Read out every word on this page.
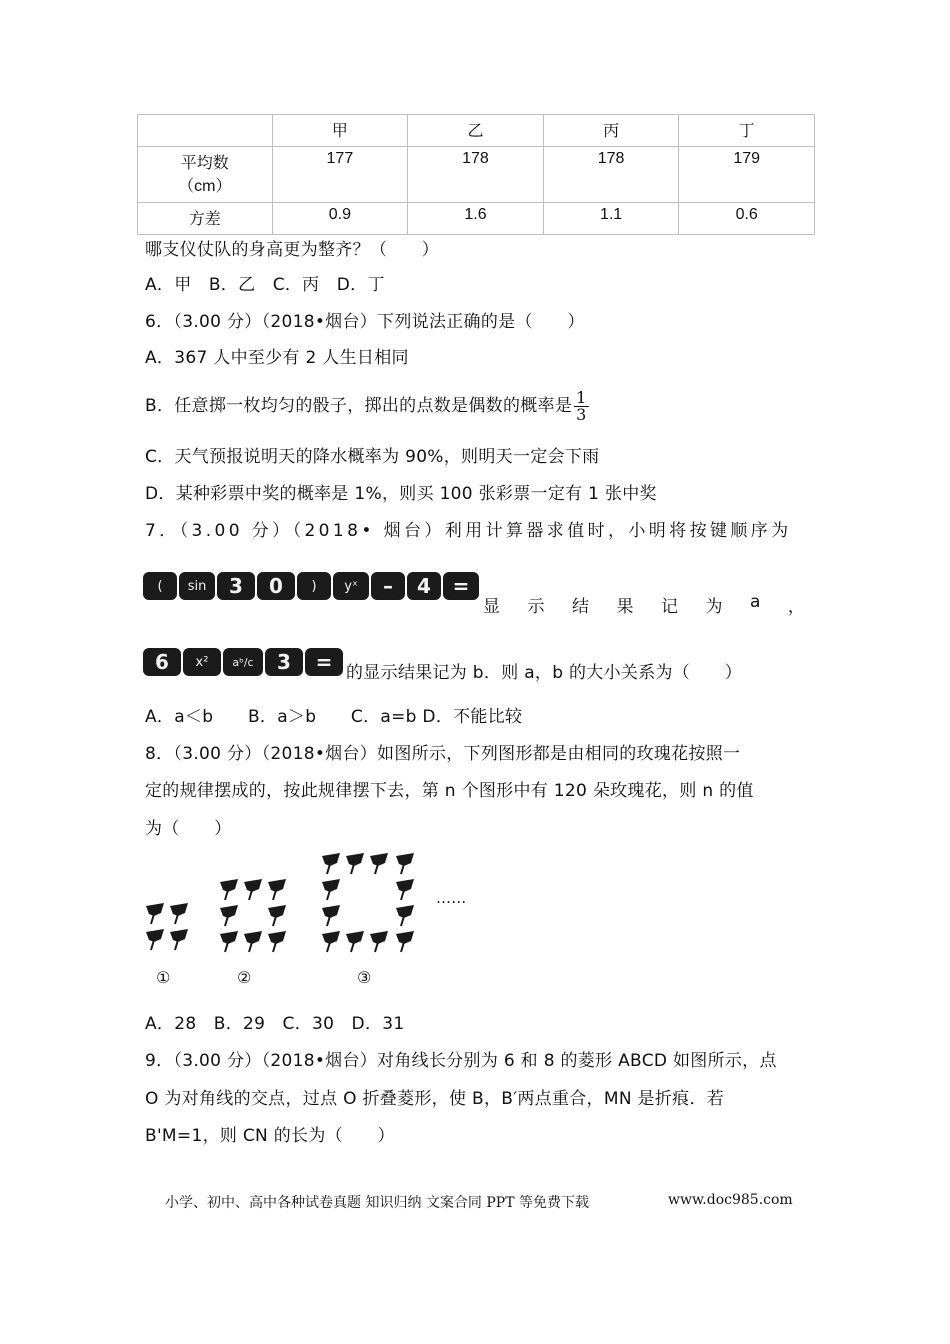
	甲	乙	丙	丁

平均数
（cm）	177	178	178	179
方差	0.9	1.6	1.1	0.6
哪支仪仗队的身高更为整齐？（　　）
A．甲　B．乙　C．丙　D．丁
6．（3.00 分）（2018•烟台）下列说法正确的是（　　）
A．367 人中至少有 2 人生日相同
B．任意掷一枚均匀的骰子，掷出的点数是偶数的概率是 $\frac{1}{3}$
C．天气预报说明天的降水概率为 90%，则明天一定会下雨
D．某种彩票中奖的概率是 1%，则买 100 张彩票一定有 1 张中奖
7．（3.00 分）（2018• 烟台）利用计算器求值时，小明将按键顺序为
(	sin	3	0	)	yˣ	–	4	=
显 示 结 果 记 为 a ，
6	x²	aᵇ/c	3	= 的显示结果记为 b．则 a，b 的大小关系为（　　）
A．a＜b　　B．a＞b　　C．a=b D．不能比较
8．（3.00 分）（2018•烟台）如图所示，下列图形都是由相同的玫瑰花按照一
定的规律摆成的，按此规律摆下去，第 n 个图形中有 120 朵玫瑰花，则 n 的值
为（　　）
……
①	②	③
A．28　B．29　C．30　D．31
9．（3.00 分）（2018•烟台）对角线长分别为 6 和 8 的菱形 ABCD 如图所示，点
O 为对角线的交点，过点 O 折叠菱形，使 B，B′两点重合，MN 是折痕．若
B'M=1，则 CN 的长为（　　）
小学、初中、高中各种试卷真题 知识归纳 文案合同 PPT 等免费下载	www.doc985.com
